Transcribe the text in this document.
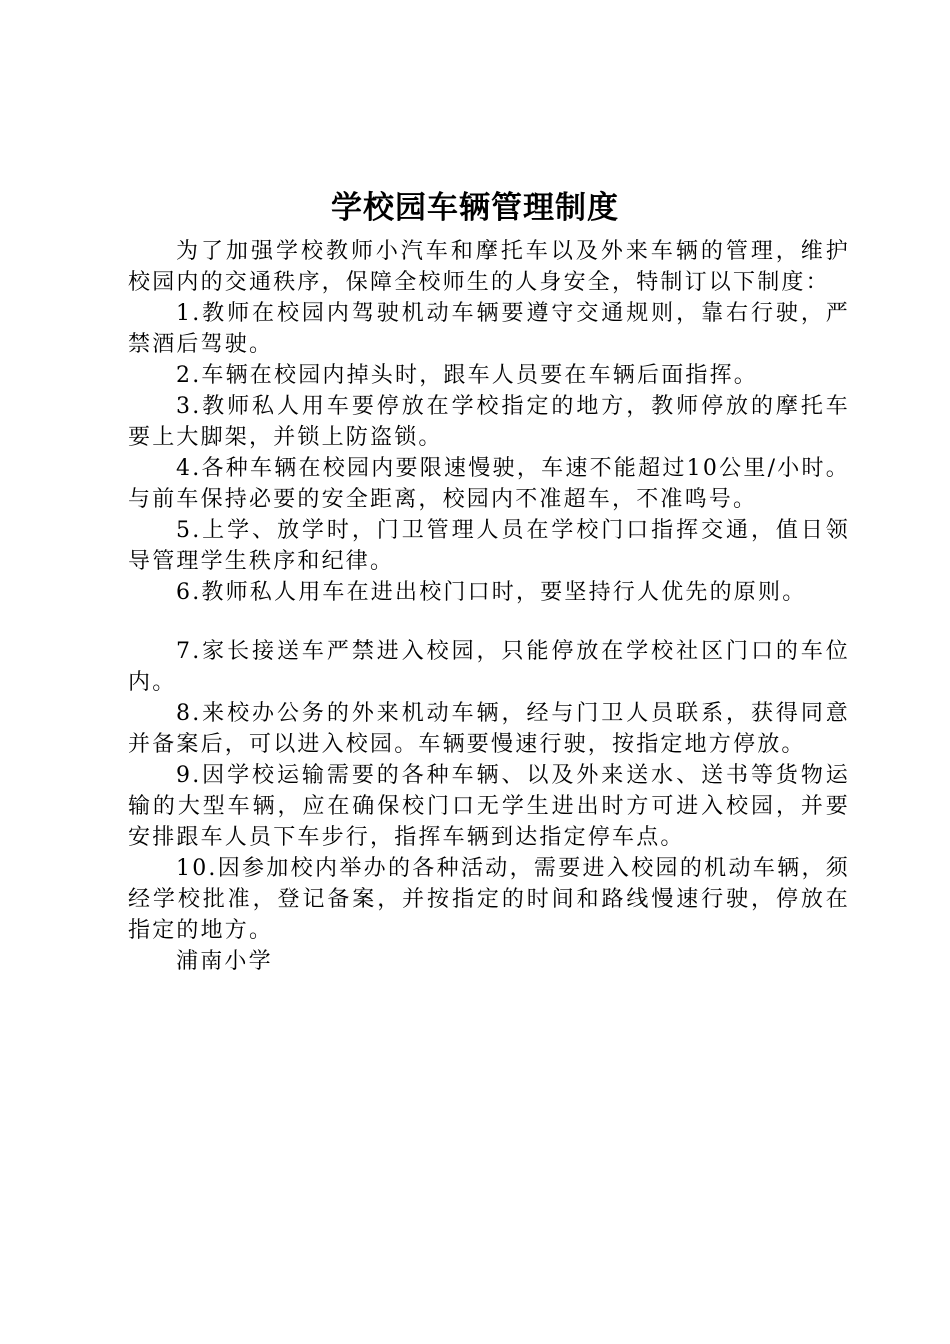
学校园车辆管理制度

为了加强学校教师小汽车和摩托车以及外来车辆的管理，维护校园内的交通秩序，保障全校师生的人身安全，特制订以下制度：

1.教师在校园内驾驶机动车辆要遵守交通规则，靠右行驶，严禁酒后驾驶。

2.车辆在校园内掉头时，跟车人员要在车辆后面指挥。

3.教师私人用车要停放在学校指定的地方，教师停放的摩托车要上大脚架，并锁上防盗锁。

4.各种车辆在校园内要限速慢驶，车速不能超过10公里/小时。与前车保持必要的安全距离，校园内不准超车，不准鸣号。

5.上学、放学时，门卫管理人员在学校门口指挥交通，值日领导管理学生秩序和纪律。

6.教师私人用车在进出校门口时，要坚持行人优先的原则。

7.家长接送车严禁进入校园，只能停放在学校社区门口的车位内。

8.来校办公务的外来机动车辆，经与门卫人员联系，获得同意并备案后，可以进入校园。车辆要慢速行驶，按指定地方停放。

9.因学校运输需要的各种车辆、以及外来送水、送书等货物运输的大型车辆，应在确保校门口无学生进出时方可进入校园，并要安排跟车人员下车步行，指挥车辆到达指定停车点。

10.因参加校内举办的各种活动，需要进入校园的机动车辆，须经学校批准，登记备案，并按指定的时间和路线慢速行驶，停放在指定的地方。

浦南小学
